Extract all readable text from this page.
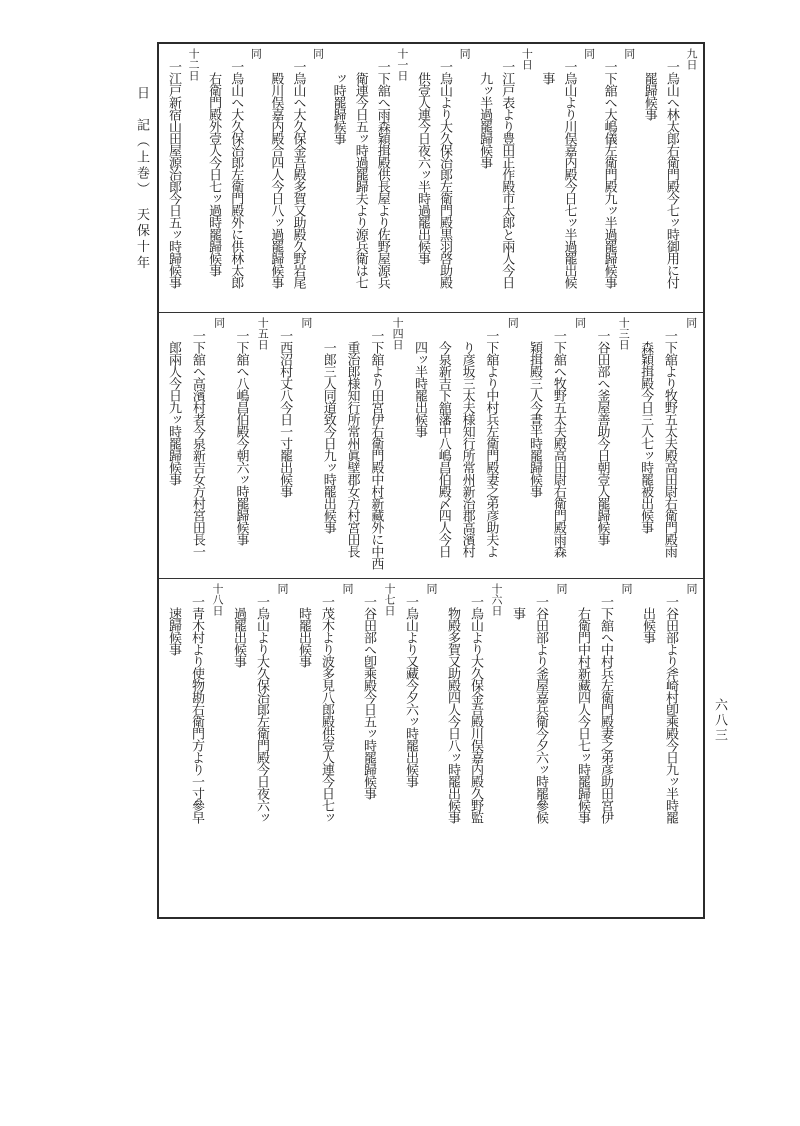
日　記（上巻）　天保十年
九日
一烏山へ林太郎右衛門殿今七ッ時御用に付
罷歸候事
同
一下舘へ大嶋儀左衛門殿九ッ半過罷歸候事
同
一烏山より川俣嘉内殿今日七ッ半過罷出候
事
十日
一江戸表より豊田正作殿市太郎と兩人今日
九ッ半過罷歸候事
同
一烏山より大久保治郎左衛門殿黒羽啓助殿
供壹人連今日夜六ッ半時過罷出候事
十一日
一下舘へ雨森穎揖殿供長屋より佐野屋源兵
衛連今日五ッ時過罷歸夫より源兵衛は七
ッ時罷歸候事
同
一烏山へ大久保金吾殿多賀又助殿久野岩尾
殿川俣嘉内殿合四人今日八ッ過罷歸候事
同
一烏山へ大久保治郎左衛門殿外に供林太郎
右衛門殿外壹人今日七ッ過時罷歸候事
十二日
一江戸新宿山田屋源治郎今日五ッ時歸候事
同
一下舘より牧野五太夫殿高田尉右衛門殿雨
森穎揖殿今日三人七ッ時罷被出候事
十三日
一谷田部へ釜屋善助今日朝壹人罷歸候事
同
一下舘へ牧野五太夫殿高田尉右衛門殿雨森
穎揖殿三人今晝半時罷歸候事
同
一下舘より中村兵左衛門殿妻之弟彦助夫よ
り彦坂三太夫様知行所常州新治郡高濱村
今泉新吉下舘藩中八嶋昌伯殿〆四人今日
四ッ半時罷出候事
十四日
一下舘より田宮伊右衛門殿中村新藏外に中西
重治郎様知行所常州眞壁郡女方村宮田長
一郎三人同道致今日九ッ時罷出候事
同
一西沼村丈八今日一寸罷出候事
十五日
一下舘へ八嶋昌伯殿今朝六ッ時罷歸候事
同
一下舘へ高濱村者今泉新吉女方村宮田長一
郎兩人今日九ッ時罷歸候事
同
一谷田部より斧崎村卽乘殿今日九ッ半時罷
出候事
同
一下舘へ中村兵左衛門殿妻之弟彦助田宮伊
右衛門中村新藏四人今日七ッ時罷歸候事
同
一谷田部より釜屋嘉兵衛今夕六ッ時罷參候
事
十六日
一烏山より大久保金吾殿川俣嘉内殿久野監
物殿多賀又助殿四人今日八ッ時罷出候事
同
一烏山より又藏今夕六ッ時罷出候事
十七日
一谷田部へ卽乘殿今日五ッ時罷歸候事
同
一茂木より波多見八郎殿供壹人連今日七ッ
時罷出候事
同
一烏山より大久保治郎左衛門殿今日夜六ッ
過罷出候事
十八日
一青木村より使物勘右衛門方より一寸參早
速歸候事
六八三
